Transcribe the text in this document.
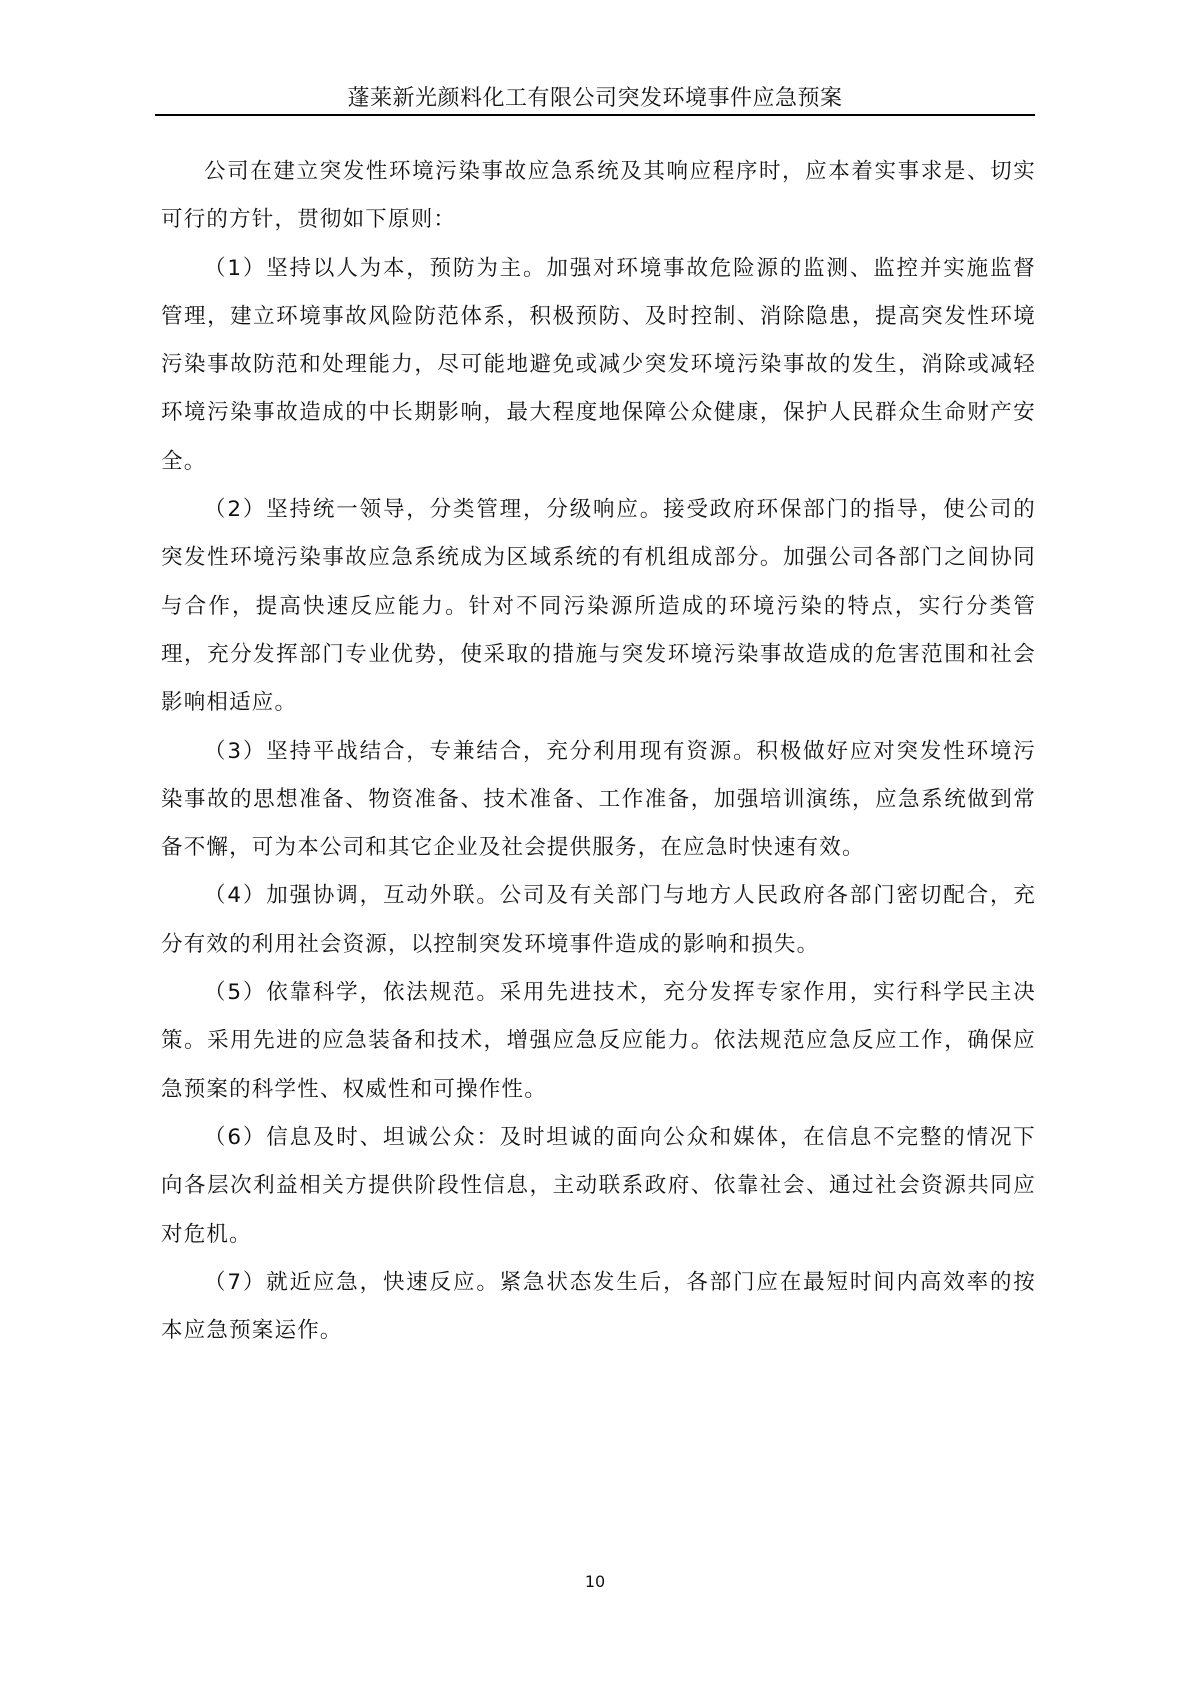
蓬莱新光颜料化工有限公司突发环境事件应急预案

公司在建立突发性环境污染事故应急系统及其响应程序时，应本着实事求是、切实可行的方针，贯彻如下原则：

（1）坚持以人为本，预防为主。加强对环境事故危险源的监测、监控并实施监督管理，建立环境事故风险防范体系，积极预防、及时控制、消除隐患，提高突发性环境污染事故防范和处理能力，尽可能地避免或减少突发环境污染事故的发生，消除或减轻环境污染事故造成的中长期影响，最大程度地保障公众健康，保护人民群众生命财产安全。

（2）坚持统一领导，分类管理，分级响应。接受政府环保部门的指导，使公司的突发性环境污染事故应急系统成为区域系统的有机组成部分。加强公司各部门之间协同与合作，提高快速反应能力。针对不同污染源所造成的环境污染的特点，实行分类管理，充分发挥部门专业优势，使采取的措施与突发环境污染事故造成的危害范围和社会影响相适应。

（3）坚持平战结合，专兼结合，充分利用现有资源。积极做好应对突发性环境污染事故的思想准备、物资准备、技术准备、工作准备，加强培训演练，应急系统做到常备不懈，可为本公司和其它企业及社会提供服务，在应急时快速有效。

（4）加强协调，互动外联。公司及有关部门与地方人民政府各部门密切配合，充分有效的利用社会资源，以控制突发环境事件造成的影响和损失。

（5）依靠科学，依法规范。采用先进技术，充分发挥专家作用，实行科学民主决策。采用先进的应急装备和技术，增强应急反应能力。依法规范应急反应工作，确保应急预案的科学性、权威性和可操作性。

（6）信息及时、坦诚公众：及时坦诚的面向公众和媒体，在信息不完整的情况下向各层次利益相关方提供阶段性信息，主动联系政府、依靠社会、通过社会资源共同应对危机。

（7）就近应急，快速反应。紧急状态发生后，各部门应在最短时间内高效率的按本应急预案运作。

10
